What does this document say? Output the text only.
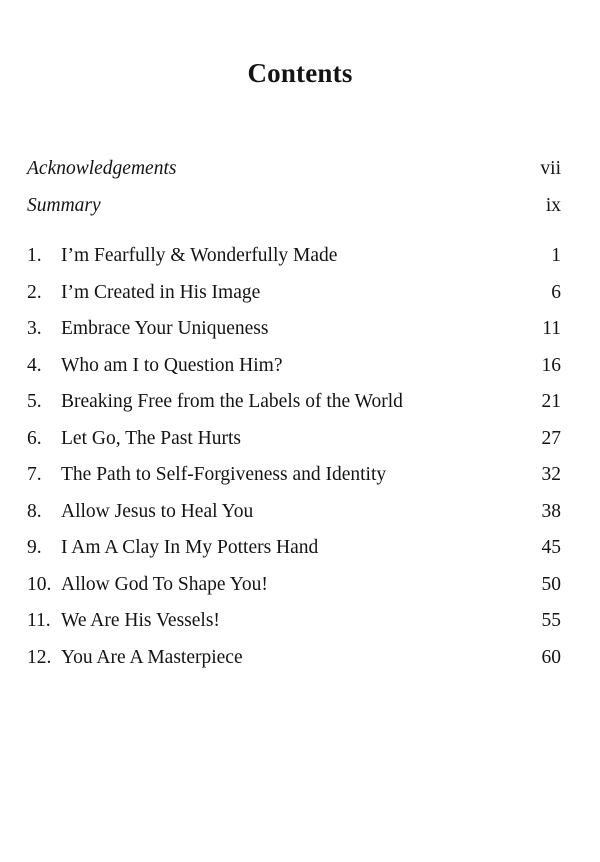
Contents
Acknowledgements	vii
Summary	ix
1. I’m Fearfully & Wonderfully Made	1
2. I’m Created in His Image	6
3. Embrace Your Uniqueness	11
4. Who am I to Question Him?	16
5. Breaking Free from the Labels of the World	21
6. Let Go, The Past Hurts	27
7. The Path to Self-Forgiveness and Identity	32
8. Allow Jesus to Heal You	38
9. I Am A Clay In My Potters Hand	45
10. Allow God To Shape You!	50
11. We Are His Vessels!	55
12. You Are A Masterpiece	60
